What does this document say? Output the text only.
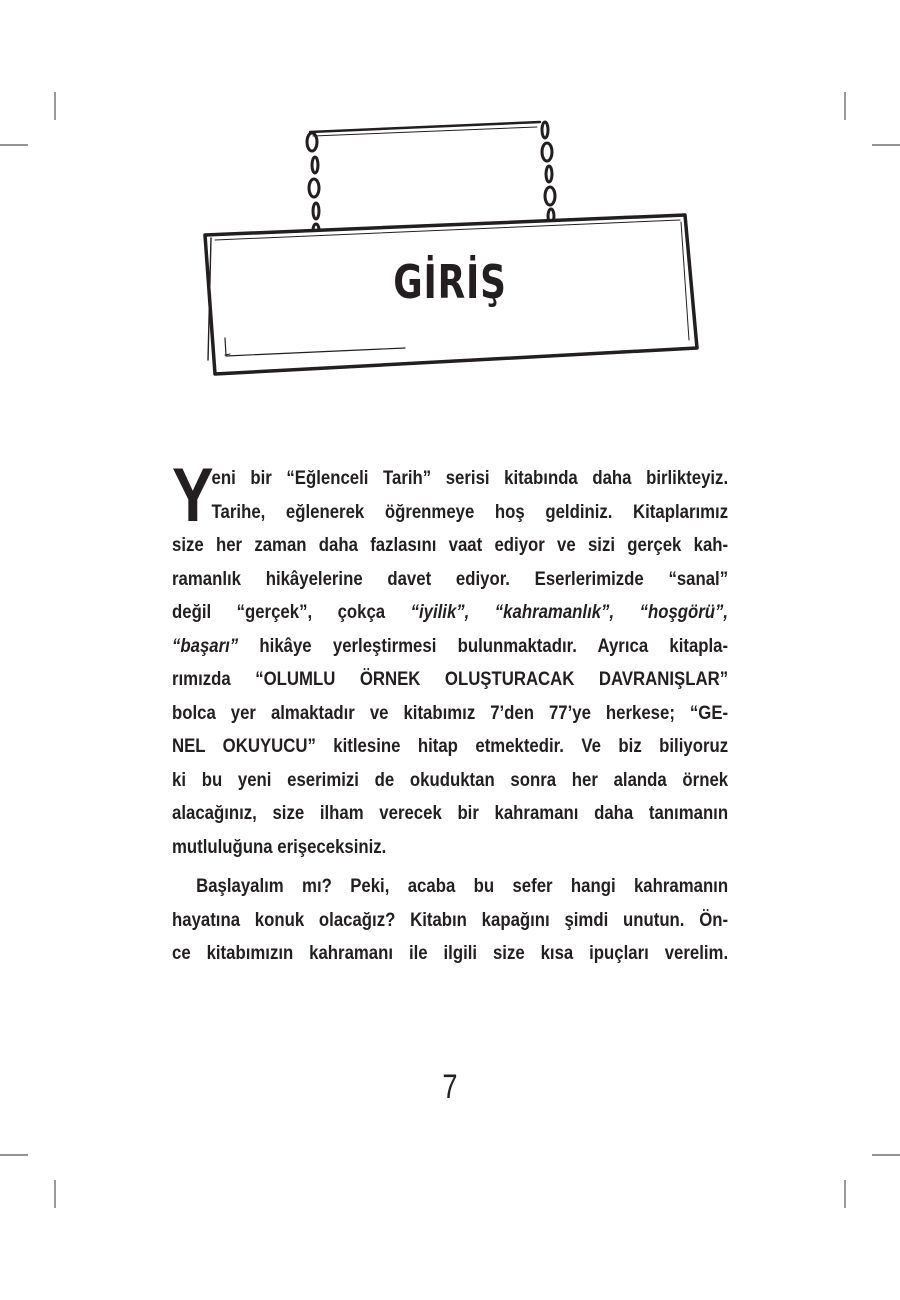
GİRİŞ

Y
eni bir “Eğlenceli Tarih” serisi kitabında daha birlikteyiz.
Tarihe, eğlenerek öğrenmeye hoş geldiniz. Kitaplarımız
size her zaman daha fazlasını vaat ediyor ve sizi gerçek kah-
ramanlık hikâyelerine davet ediyor. Eserlerimizde “sanal”
değil “gerçek”, çokça “iyilik”, “kahramanlık”, “hoşgörü”,
“başarı” hikâye yerleştirmesi bulunmaktadır. Ayrıca kitapla-
rımızda “OLUMLU ÖRNEK OLUŞTURACAK DAVRANIŞLAR”
bolca yer almaktadır ve kitabımız 7’den 77’ye herkese; “GE-
NEL OKUYUCU” kitlesine hitap etmektedir. Ve biz biliyoruz
ki bu yeni eserimizi de okuduktan sonra her alanda örnek
alacağınız, size ilham verecek bir kahramanı daha tanımanın
mutluluğuna erişeceksiniz.

Başlayalım mı? Peki, acaba bu sefer hangi kahramanın
hayatına konuk olacağız? Kitabın kapağını şimdi unutun. Ön-
ce kitabımızın kahramanı ile ilgili size kısa ipuçları verelim.

7
